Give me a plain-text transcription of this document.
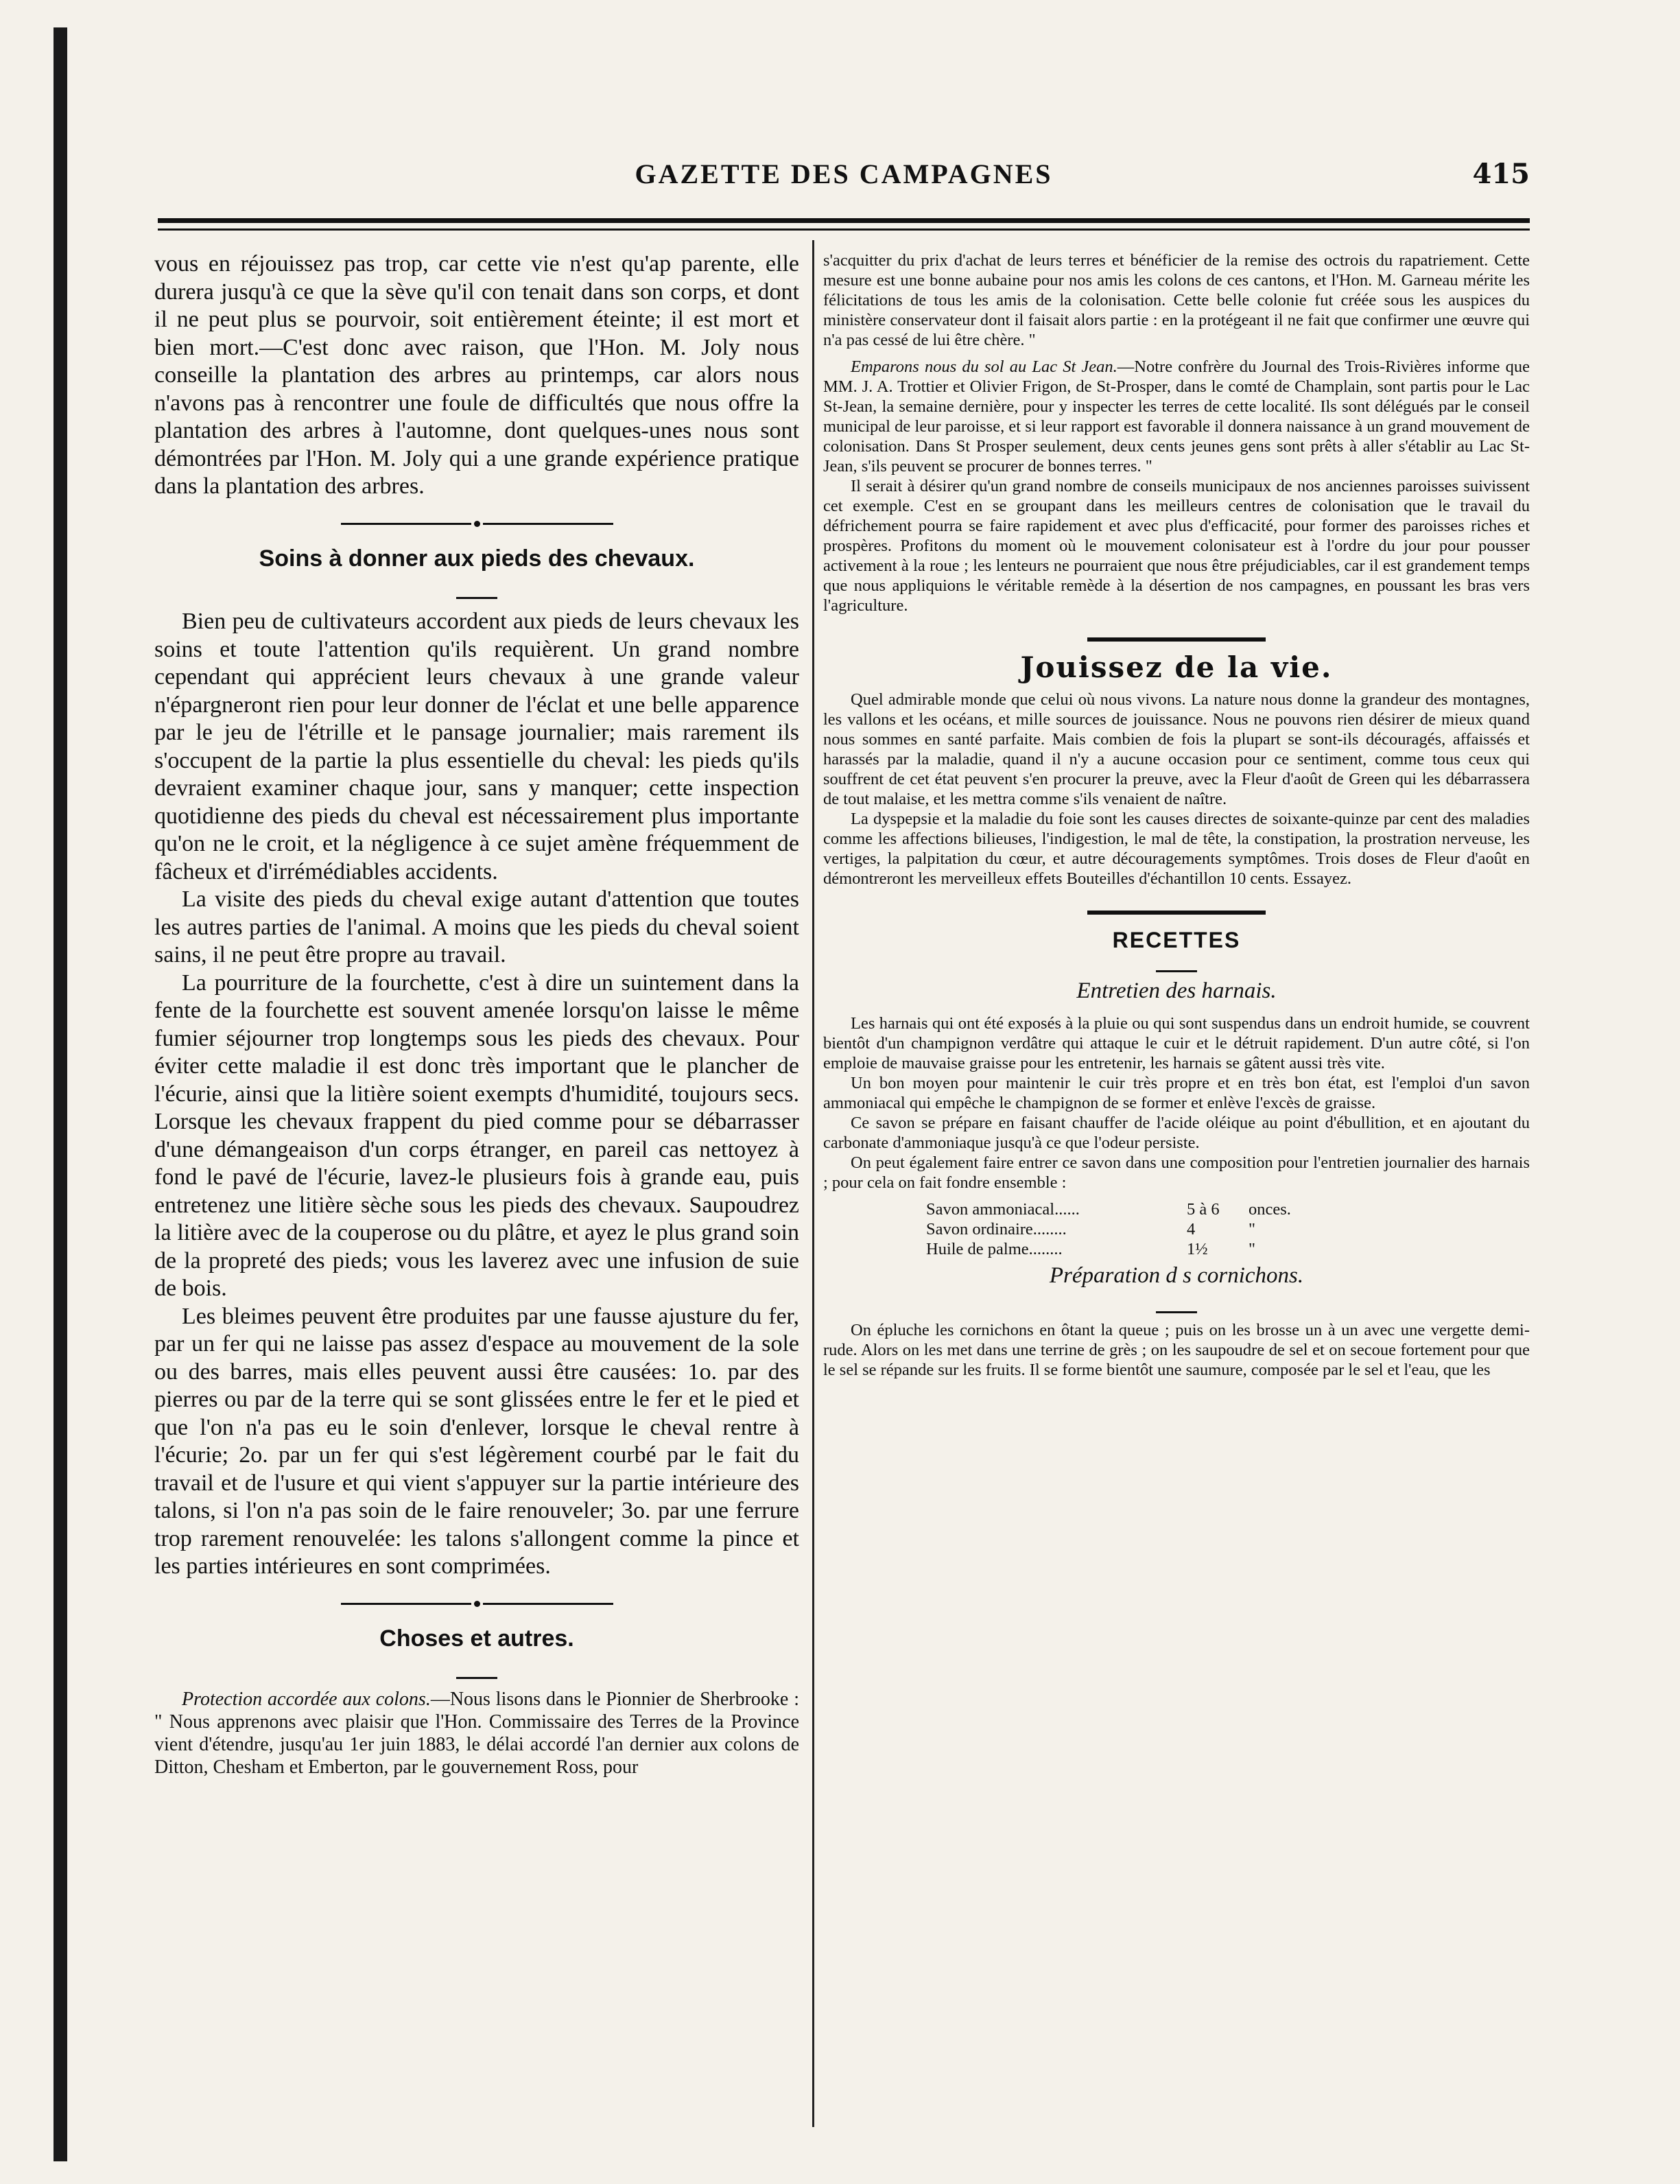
GAZETTE DES CAMPAGNES	415

vous en réjouissez pas trop, car cette vie n'est qu'ap parente, elle durera jusqu'à ce que la sève qu'il con tenait dans son corps, et dont il ne peut plus se pourvoir, soit entièrement éteinte; il est mort et bien mort.—C'est donc avec raison, que l'Hon. M. Joly nous conseille la plantation des arbres au printemps, car alors nous n'avons pas à rencontrer une foule de difficultés que nous offre la plantation des arbres à l'automne, dont quelques-unes nous sont démontrées par l'Hon. M. Joly qui a une grande expérience pratique dans la plantation des arbres.

Soins à donner aux pieds des chevaux.

Bien peu de cultivateurs accordent aux pieds de leurs chevaux les soins et toute l'attention qu'ils requièrent. Un grand nombre cependant qui apprécient leurs chevaux à une grande valeur n'épargneront rien pour leur donner de l'éclat et une belle apparence par le jeu de l'étrille et le pansage journalier; mais rarement ils s'occupent de la partie la plus essentielle du cheval: les pieds qu'ils devraient examiner chaque jour, sans y manquer; cette inspection quotidienne des pieds du cheval est nécessairement plus importante qu'on ne le croit, et la négligence à ce sujet amène fréquemment de fâcheux et d'irrémédiables accidents.

La visite des pieds du cheval exige autant d'attention que toutes les autres parties de l'animal. A moins que les pieds du cheval soient sains, il ne peut être propre au travail.

La pourriture de la fourchette, c'est à dire un suintement dans la fente de la fourchette est souvent amenée lorsqu'on laisse le même fumier séjourner trop longtemps sous les pieds des chevaux. Pour éviter cette maladie il est donc très important que le plancher de l'écurie, ainsi que la litière soient exempts d'humidité, toujours secs. Lorsque les chevaux frappent du pied comme pour se débarrasser d'une démangeaison d'un corps étranger, en pareil cas nettoyez à fond le pavé de l'écurie, lavez-le plusieurs fois à grande eau, puis entretenez une litière sèche sous les pieds des chevaux. Saupoudrez la litière avec de la couperose ou du plâtre, et ayez le plus grand soin de la propreté des pieds; vous les laverez avec une infusion de suie de bois.

Les bleimes peuvent être produites par une fausse ajusture du fer, par un fer qui ne laisse pas assez d'espace au mouvement de la sole ou des barres, mais elles peuvent aussi être causées: 1o. par des pierres ou par de la terre qui se sont glissées entre le fer et le pied et que l'on n'a pas eu le soin d'enlever, lorsque le cheval rentre à l'écurie; 2o. par un fer qui s'est légèrement courbé par le fait du travail et de l'usure et qui vient s'appuyer sur la partie intérieure des talons, si l'on n'a pas soin de le faire renouveler; 3o. par une ferrure trop rarement renouvelée: les talons s'allongent comme la pince et les parties intérieures en sont comprimées.

Choses et autres.

Protection accordée aux colons.—Nous lisons dans le Pionnier de Sherbrooke : " Nous apprenons avec plaisir que l'Hon. Commissaire des Terres de la Province vient d'étendre, jusqu'au 1er juin 1883, le délai accordé l'an dernier aux colons de Ditton, Chesham et Emberton, par le gouvernement Ross, pour

s'acquitter du prix d'achat de leurs terres et bénéficier de la remise des octrois du rapatriement. Cette mesure est une bonne aubaine pour nos amis les colons de ces cantons, et l'Hon. M. Garneau mérite les félicitations de tous les amis de la colonisation. Cette belle colonie fut créée sous les auspices du ministère conservateur dont il faisait alors partie : en la protégeant il ne fait que confirmer une œuvre qui n'a pas cessé de lui être chère. "

Emparons nous du sol au Lac St Jean.—Notre confrère du Journal des Trois-Rivières informe que MM. J. A. Trottier et Olivier Frigon, de St-Prosper, dans le comté de Champlain, sont partis pour le Lac St-Jean, la semaine dernière, pour y inspecter les terres de cette localité. Ils sont délégués par le conseil municipal de leur paroisse, et si leur rapport est favorable il donnera naissance à un grand mouvement de colonisation. Dans St Prosper seulement, deux cents jeunes gens sont prêts à aller s'établir au Lac St-Jean, s'ils peuvent se procurer de bonnes terres. "

Il serait à désirer qu'un grand nombre de conseils municipaux de nos anciennes paroisses suivissent cet exemple. C'est en se groupant dans les meilleurs centres de colonisation que le travail du défrichement pourra se faire rapidement et avec plus d'efficacité, pour former des paroisses riches et prospères. Profitons du moment où le mouvement colonisateur est à l'ordre du jour pour pousser activement à la roue ; les lenteurs ne pourraient que nous être préjudiciables, car il est grandement temps que nous appliquions le véritable remède à la désertion de nos campagnes, en poussant les bras vers l'agriculture.

Jouissez de la vie.

Quel admirable monde que celui où nous vivons. La nature nous donne la grandeur des montagnes, les vallons et les océans, et mille sources de jouissance. Nous ne pouvons rien désirer de mieux quand nous sommes en santé parfaite. Mais combien de fois la plupart se sont-ils découragés, affaissés et harassés par la maladie, quand il n'y a aucune occasion pour ce sentiment, comme tous ceux qui souffrent de cet état peuvent s'en procurer la preuve, avec la Fleur d'août de Green qui les débarrassera de tout malaise, et les mettra comme s'ils venaient de naître.

La dyspepsie et la maladie du foie sont les causes directes de soixante-quinze par cent des maladies comme les affections bilieuses, l'indigestion, le mal de tête, la constipation, la prostration nerveuse, les vertiges, la palpitation du cœur, et autre découragements symptômes. Trois doses de Fleur d'août en démontreront les merveilleux effets Bouteilles d'échantillon 10 cents. Essayez.

RECETTES
Entretien des harnais.

Les harnais qui ont été exposés à la pluie ou qui sont suspendus dans un endroit humide, se couvrent bientôt d'un champignon verdâtre qui attaque le cuir et le détruit rapidement. D'un autre côté, si l'on emploie de mauvaise graisse pour les entretenir, les harnais se gâtent aussi très vite.

Un bon moyen pour maintenir le cuir très propre et en très bon état, est l'emploi d'un savon ammoniacal qui empêche le champignon de se former et enlève l'excès de graisse.

Ce savon se prépare en faisant chauffer de l'acide oléique au point d'ébullition, et en ajoutant du carbonate d'ammoniaque jusqu'à ce que l'odeur persiste.

On peut également faire entrer ce savon dans une composition pour l'entretien journalier des harnais ; pour cela on fait fondre ensemble :

Savon ammoniacal......	5 à 6	onces.
Savon ordinaire........	4	"
Huile de palme........	1½	"
Préparation d s cornichons.

On épluche les cornichons en ôtant la queue ; puis on les brosse un à un avec une vergette demi-rude. Alors on les met dans une terrine de grès ; on les saupoudre de sel et on secoue fortement pour que le sel se répande sur les fruits. Il se forme bientôt une saumure, composée par le sel et l'eau, que les
